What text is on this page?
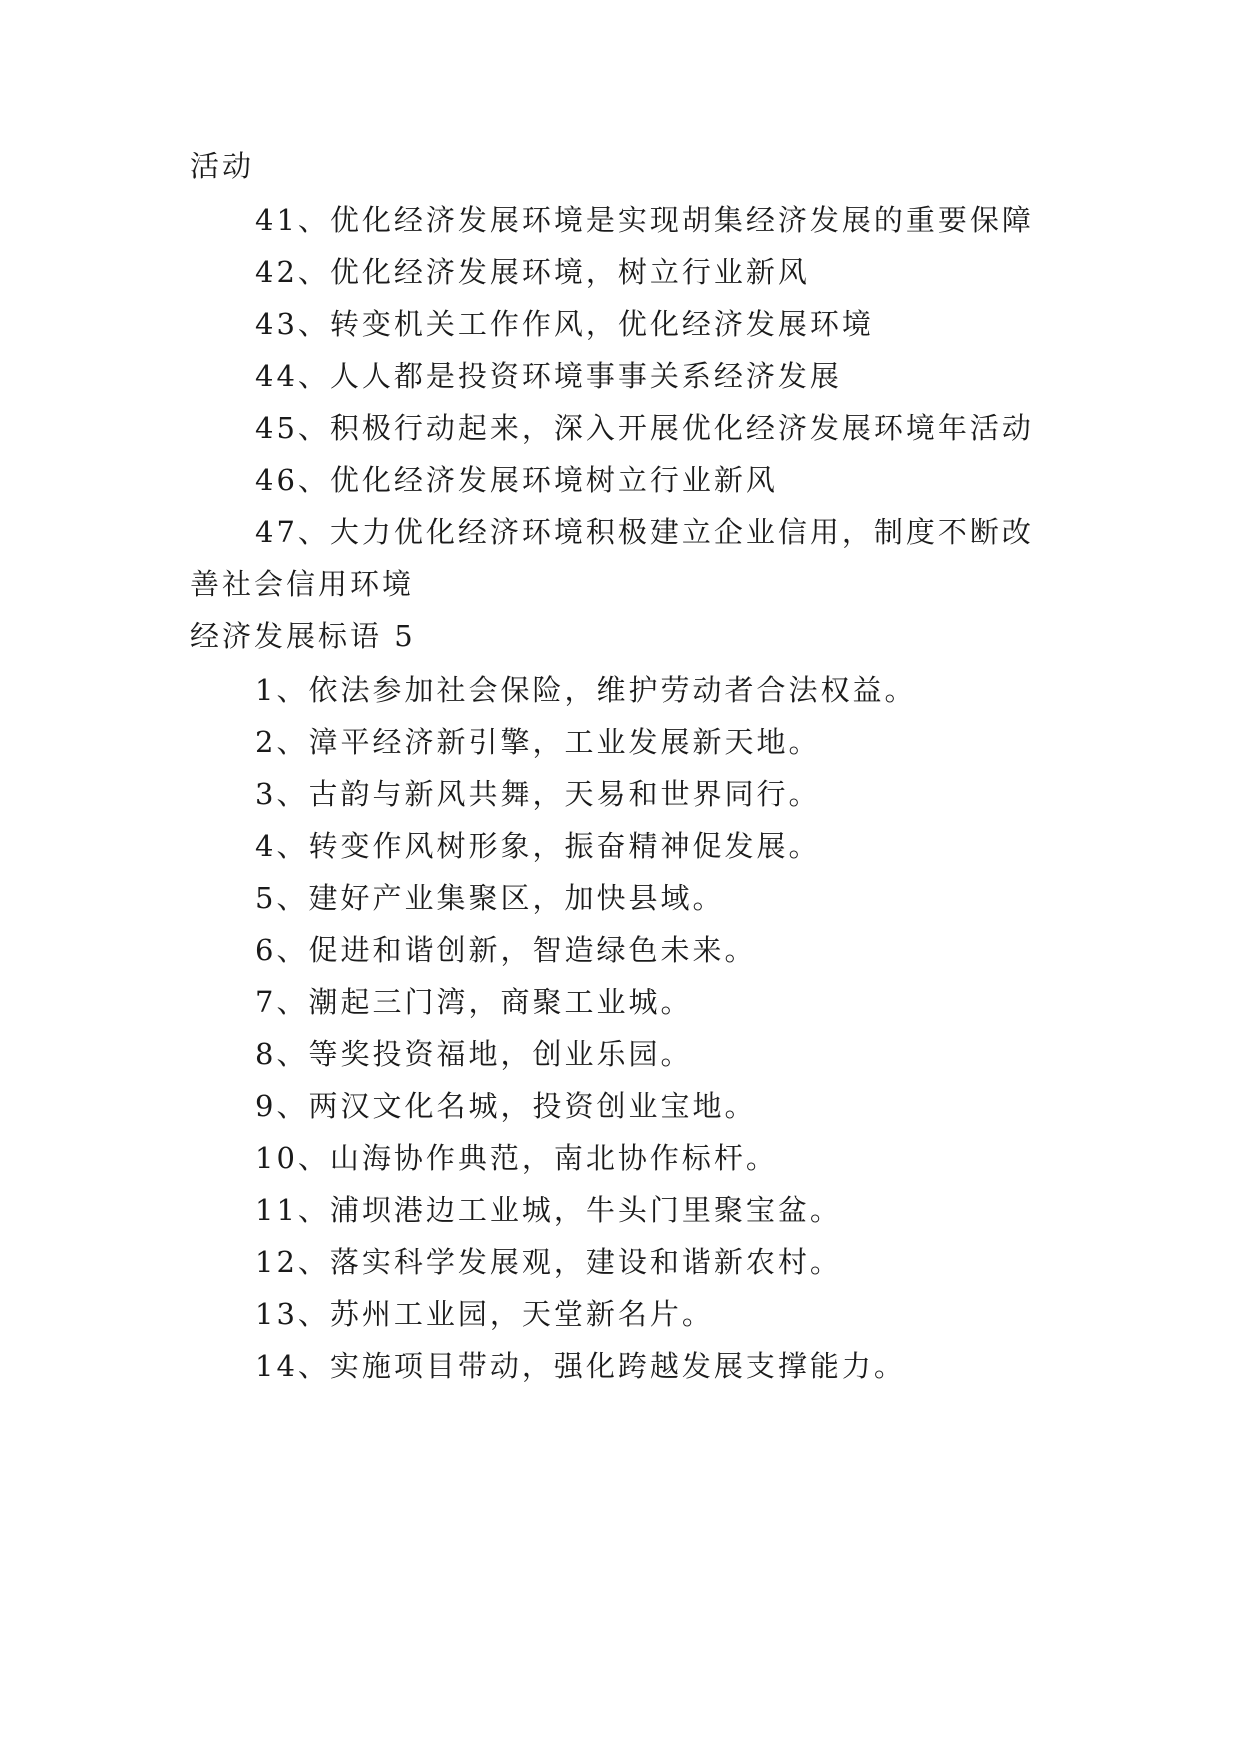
活动
41、优化经济发展环境是实现胡集经济发展的重要保障
42、优化经济发展环境，树立行业新风
43、转变机关工作作风，优化经济发展环境
44、人人都是投资环境事事关系经济发展
45、积极行动起来，深入开展优化经济发展环境年活动
46、优化经济发展环境树立行业新风
47、大力优化经济环境积极建立企业信用，制度不断改
善社会信用环境
经济发展标语 5
1、依法参加社会保险，维护劳动者合法权益。
2、漳平经济新引擎，工业发展新天地。
3、古韵与新风共舞，天易和世界同行。
4、转变作风树形象，振奋精神促发展。
5、建好产业集聚区，加快县域。
6、促进和谐创新，智造绿色未来。
7、潮起三门湾，商聚工业城。
8、等奖投资福地，创业乐园。
9、两汉文化名城，投资创业宝地。
10、山海协作典范，南北协作标杆。
11、浦坝港边工业城，牛头门里聚宝盆。
12、落实科学发展观，建设和谐新农村。
13、苏州工业园，天堂新名片。
14、实施项目带动，强化跨越发展支撑能力。
